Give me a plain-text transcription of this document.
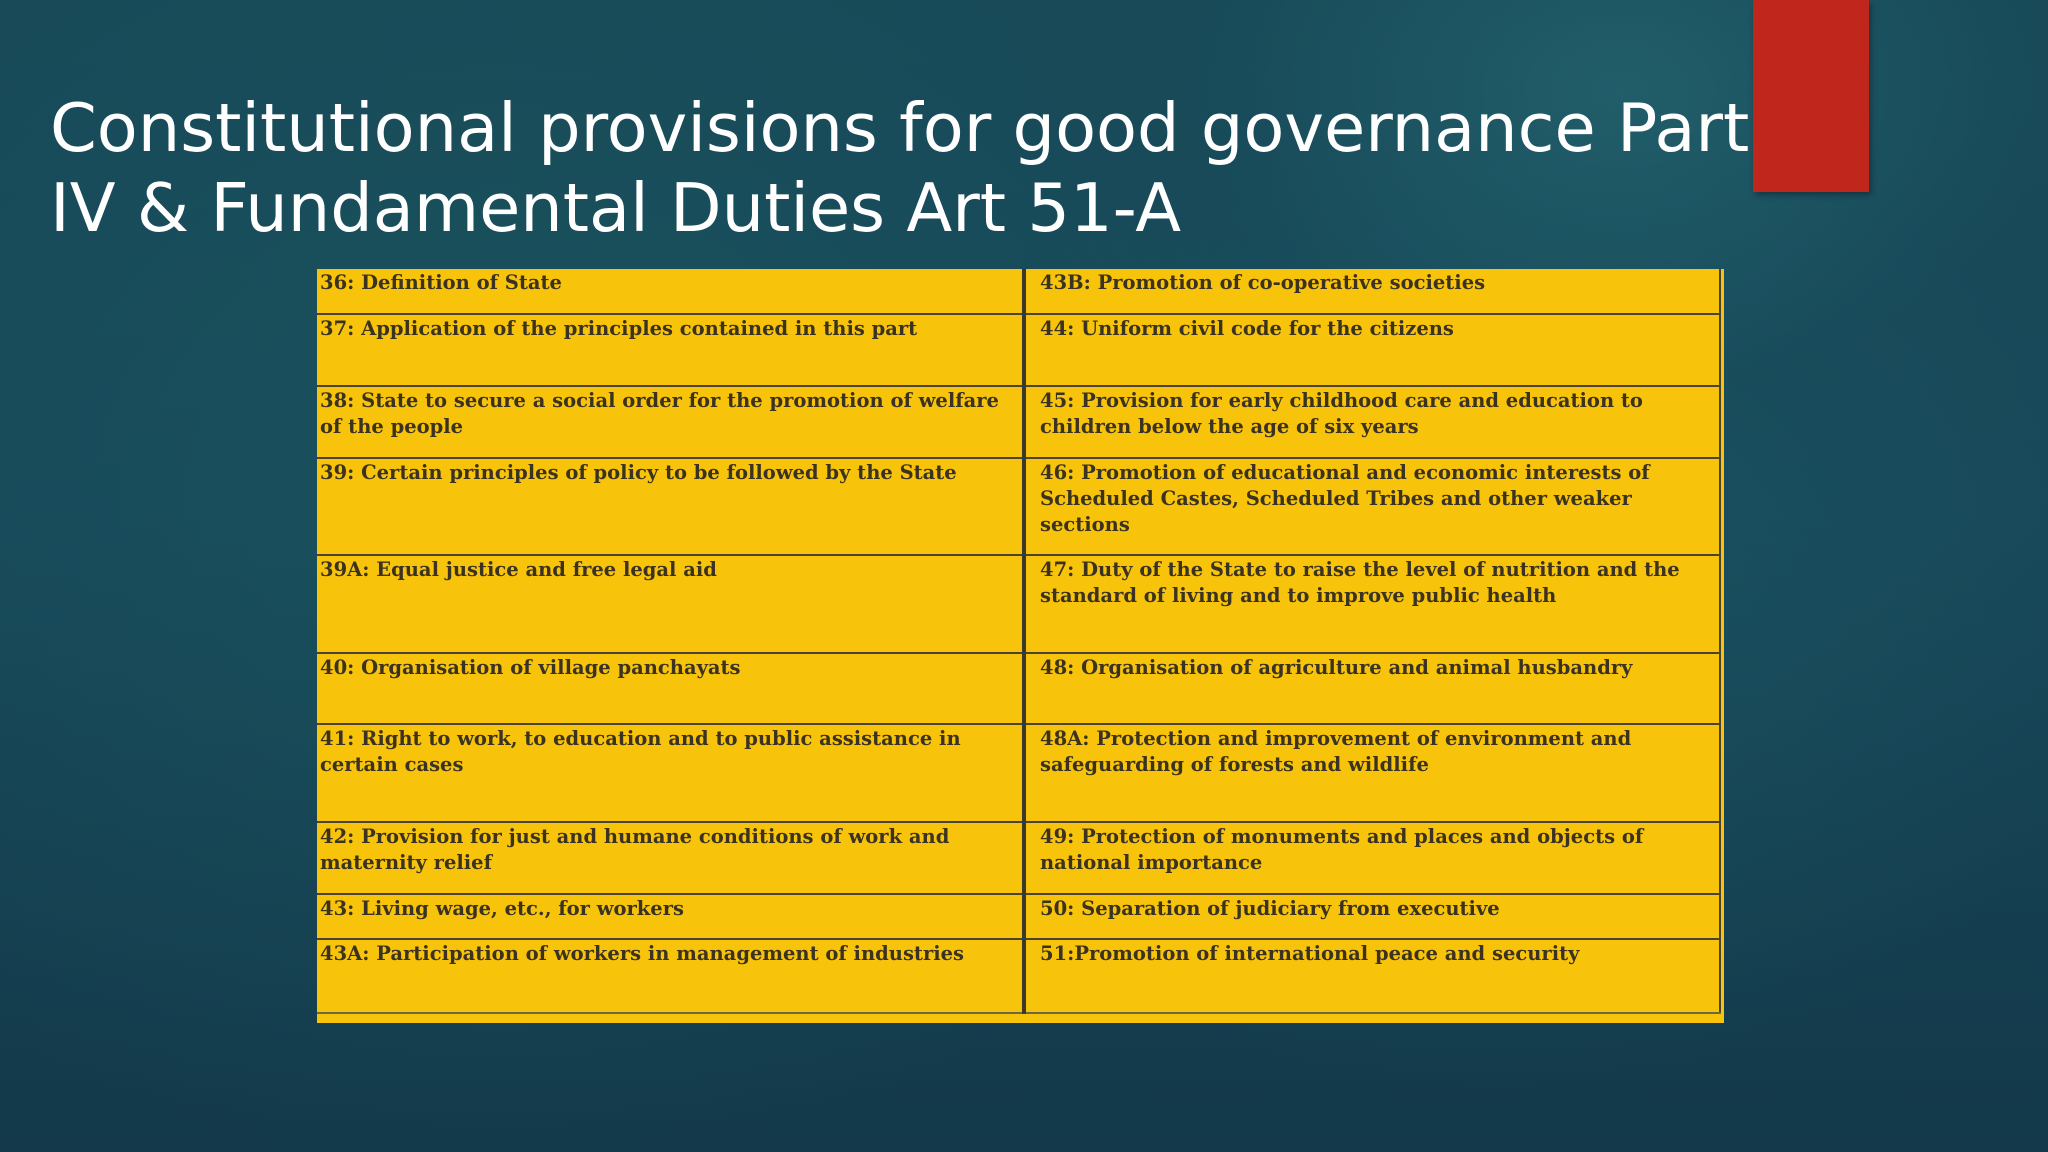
Constitutional provisions for good governance Part IV & Fundamental Duties Art 51-A
36: Definition of State	43B: Promotion of co-operative societies
37: Application of the principles contained in this part	44: Uniform civil code for the citizens
38: State to secure a social order for the promotion of welfare of the people	45: Provision for early childhood care and education to children below the age of six years
39: Certain principles of policy to be followed by the State	46: Promotion of educational and economic interests of Scheduled Castes, Scheduled Tribes and other weaker sections
39A: Equal justice and free legal aid	47: Duty of the State to raise the level of nutrition and the standard of living and to improve public health
40: Organisation of village panchayats	48: Organisation of agriculture and animal husbandry
41: Right to work, to education and to public assistance in certain cases	48A: Protection and improvement of environment and safeguarding of forests and wildlife
42: Provision for just and humane conditions of work and maternity relief	49: Protection of monuments and places and objects of national importance
43: Living wage, etc., for workers	50: Separation of judiciary from executive
43A: Participation of workers in management of industries	51:Promotion of international peace and security
